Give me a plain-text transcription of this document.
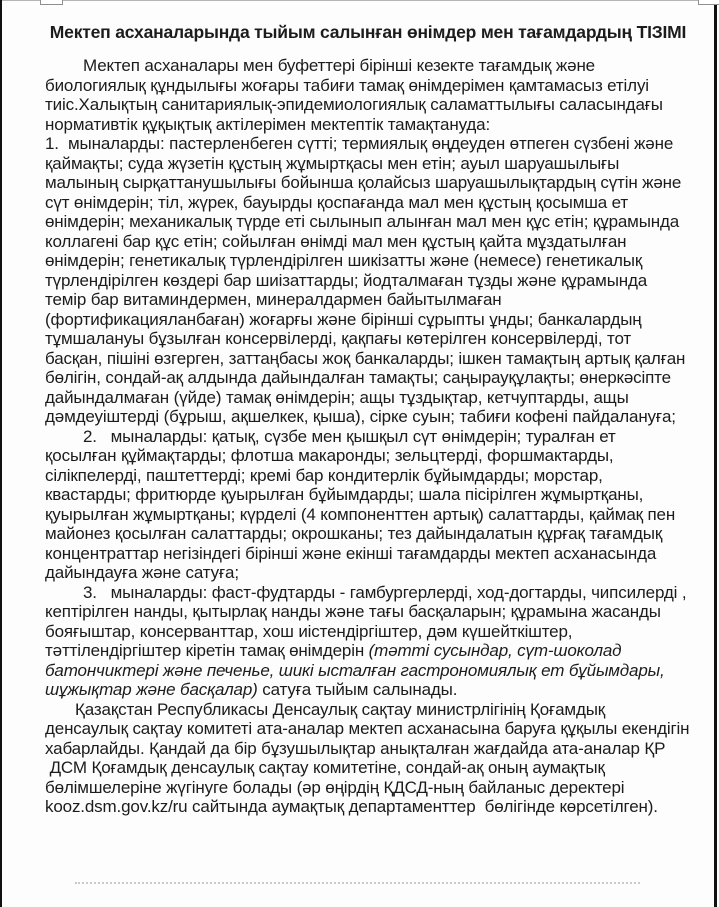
Мектеп асханаларында тыйым салынған өнімдер мен тағамдардың ТІЗІМІ

Мектеп асханалары мен буфеттері бірінші кезекте тағамдық және биологиялық құндылығы жоғары табиғи тамақ өнімдерімен қамтамасыз етілуі тиіс.Халықтың санитариялық-эпидемиологиялық саламаттылығы саласындағы нормативтік құқықтық актілерімен мектептік тамақтануда:

1.  мыналарды: пастерленбеген сүтті; термиялық өңдеуден өтпеген сүзбені және қаймақты; суда жүзетін құстың жұмыртқасы мен етін; ауыл шаруашылығы малының сырқаттанушылығы бойынша қолайсыз шаруашылықтардың сүтін және сүт өнімдерін; тіл, жүрек, бауырды қоспағанда мал мен құстың қосымша ет өнімдерін; механикалық түрде еті сылынып алынған мал мен құс етін; құрамында коллагені бар құс етін; сойылған өнімді мал мен құстың қайта мұздатылған өнімдерін; генетикалық түрлендірілген шикізатты және (немесе) генетикалық түрлендірілген көздері бар шиізаттарды; йодталмаған тұзды және құрамында темір бар витаминдермен, минералдармен байытылмаған (фортификацияланбаған) жоғарғы және бірінші сұрыпты ұнды; банкалардың тұмшалануы бұзылған консервілерді, қақпағы көтерілген консервілерді, тот басқан, пішіні өзгерген, заттаңбасы жоқ банкаларды; ішкен тамақтың артық қалған бөлігін, сондай-ақ алдында дайындалған тамақты; саңырауқұлақты; өнеркәсіпте дайындалмаған (үйде) тамақ өнімдерін; ащы тұздықтар, кетчуптарды, ащы дәмдеуіштерді (бұрыш, ақшелкек, қыша), сірке суын; табиғи кофені пайдалануға;

2.   мыналарды: қатық, сүзбе мен қышқыл сүт өнімдерін; туралған ет қосылған құймақтарды; флотша макаронды; зельцтерді, форшмактарды, сілікпелерді, паштеттерді; кремі бар кондитерлік бұйымдарды; морстар, квастарды; фритюрде қуырылған бұйымдарды; шала пісірілген жұмыртқаны, қуырылған жұмыртқаны; күрделі (4 компоненттен артық) салаттарды, қаймақ пен майонез қосылған салаттарды; окрошканы; тез дайындалатын құрғақ тағамдық концентраттар негізіндегі бірінші және екінші тағамдарды мектеп асханасында дайындауға және сатуға;

3.   мыналарды: фаст-фудтарды - гамбургерлерді, ход-догтарды, чипсилерді , кептірілген нанды, қытырлақ нанды және тағы басқаларын; құрамына жасанды бояғыштар, консерванттар, хош иістендіргіштер, дәм күшейткіштер, тәттілендіргіштер кіретін тамақ өнімдерін (тәтті сусындар, сүт-шоколад батончиктері және печенье, шикі ысталған гастрономиялық ет бұйымдары, шұжықтар және басқалар) сатуға тыйым салынады.

Қазақстан Республикасы Денсаулық сақтау министрлігінің Қоғамдық денсаулық сақтау комитеті ата-аналар мектеп асханасына баруға құқылы екендігін хабарлайды. Қандай да бір бұзушылықтар анықталған жағдайда ата-аналар ҚР  ДСМ Қоғамдық денсаулық сақтау комитетіне, сондай-ақ оның аумақтық бөлімшелеріне жүгінуге болады (әр өңірдің ҚДСД-ның байланыс деректері kooz.dsm.gov.kz/ru сайтында аумақтық департаменттер  бөлігінде көрсетілген).
